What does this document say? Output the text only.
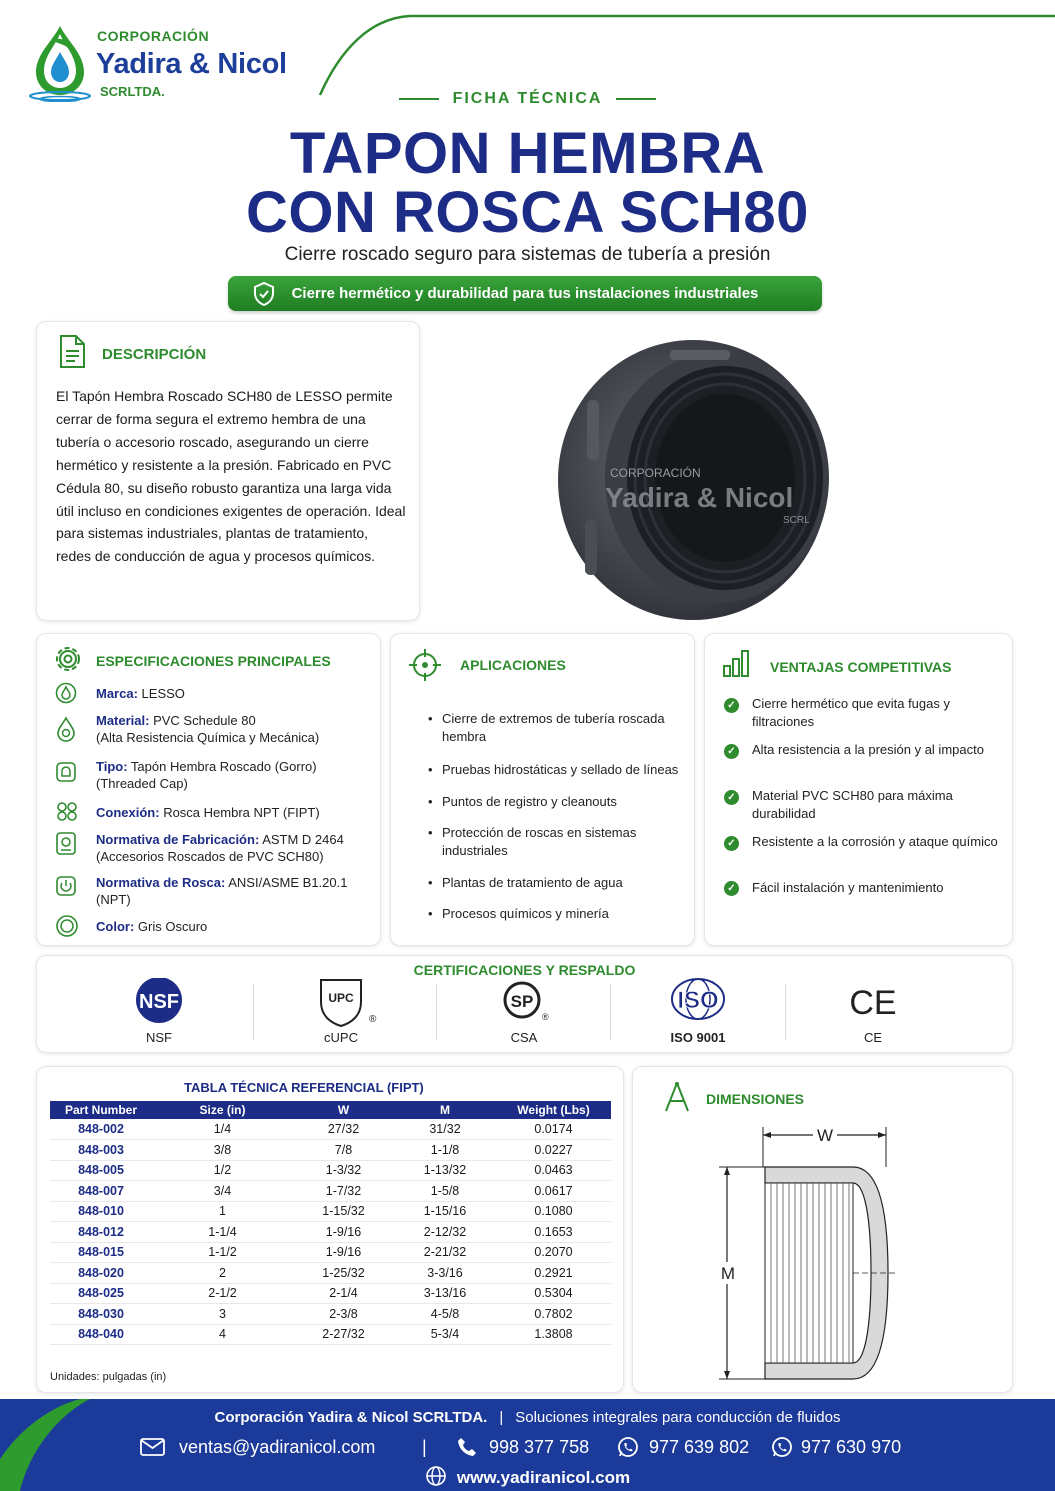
CORPORACIÓN
Yadira & Nicol
SCRLTDA.	FICHA TÉCNICA
TAPON HEMBRA
CON ROSCA SCH80
Cierre roscado seguro para sistemas de tubería a presión
Cierre hermético y durabilidad para tus instalaciones industriales
DESCRIPCIÓN
El Tapón Hembra Roscado SCH80 de LESSO permite cerrar de forma segura el extremo hembra de una tubería o accesorio roscado, asegurando un cierre hermético y resistente a la presión. Fabricado en PVC Cédula 80, su diseño robusto garantiza una larga vida útil incluso en condiciones exigentes de operación. Ideal para sistemas industriales, plantas de tratamiento, redes de conducción de agua y procesos químicos.
CORPORACIÓN
Yadira & Nicol
SCRL
ESPECIFICACIONES PRINCIPALES
Marca: LESSO
Material: PVC Schedule 80
(Alta Resistencia Química y Mecánica)
Tipo: Tapón Hembra Roscado (Gorro)
(Threaded Cap)
Conexión: Rosca Hembra NPT (FIPT)
Normativa de Fabricación: ASTM D 2464
(Accesorios Roscados de PVC SCH80)
Normativa de Rosca: ANSI/ASME B1.20.1
(NPT)
Color: Gris Oscuro
APLICACIONES
• Cierre de extremos de tubería roscada hembra
• Pruebas hidrostáticas y sellado de líneas
• Puntos de registro y cleanouts
• Protección de roscas en sistemas industriales
• Plantas de tratamiento de agua
• Procesos químicos y minería
VENTAJAS COMPETITIVAS
✓ Cierre hermético que evita fugas y filtraciones
✓ Alta resistencia a la presión y al impacto
✓ Material PVC SCH80 para máxima durabilidad
✓ Resistente a la corrosión y ataque químico
✓ Fácil instalación y mantenimiento
CERTIFICACIONES Y RESPALDO
NSF
NSF
UPC
®
cUPC
SP
®
CSA
ISO
ISO 9001
CE
CE
TABLA TÉCNICA REFERENCIAL (FIPT)
Part Number	Size (in)	W	M	Weight (Lbs)
848-002	1/4	27/32	31/32	0.0174
848-003	3/8	7/8	1-1/8	0.0227
848-005	1/2	1-3/32	1-13/32	0.0463
848-007	3/4	1-7/32	1-5/8	0.0617
848-010	1	1-15/32	1-15/16	0.1080
848-012	1-1/4	1-9/16	2-12/32	0.1653
848-015	1-1/2	1-9/16	2-21/32	0.2070
848-020	2	1-25/32	3-3/16	0.2921
848-025	2-1/2	2-1/4	3-13/16	0.5304
848-030	3	2-3/8	4-5/8	0.7802
848-040	4	2-27/32	5-3/4	1.3808
Unidades: pulgadas (in)
DIMENSIONES
W
M
Corporación Yadira & Nicol SCRLTDA. | Soluciones integrales para conducción de fluidos
ventas@yadiranicol.com	|	998 377 758	977 639 802	977 630 970
www.yadiranicol.com
